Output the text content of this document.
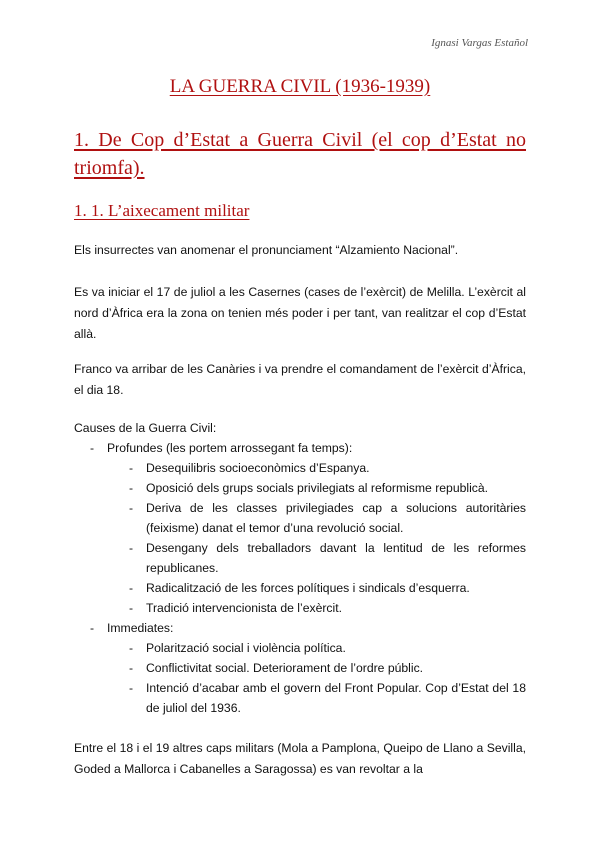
Ignasi Vargas Estañol
LA GUERRA CIVIL (1936-1939)
1. De Cop d’Estat a Guerra Civil (el cop d’Estat no triomfa).
1. 1. L’aixecament militar

Els insurrectes van anomenar el pronunciament “Alzamiento Nacional”.

Es va iniciar el 17 de juliol a les Casernes (cases de l’exèrcit) de Melilla. L’exèrcit al nord d’Àfrica era la zona on tenien més poder i per tant, van realitzar el cop d’Estat allà.

Franco va arribar de les Canàries i va prendre el comandament de l’exèrcit d’Àfrica, el dia 18.

Causes de la Guerra Civil:
- Profundes (les portem arrossegant fa temps):
- Desequilibris socioeconòmics d’Espanya.
- Oposició dels grups socials privilegiats al reformisme republicà.
- Deriva de les classes privilegiades cap a solucions autoritàries (feixisme) danat el temor d’una revolució social.
- Desengany dels treballadors davant la lentitud de les reformes republicanes.
- Radicalització de les forces polítiques i sindicals d’esquerra.
- Tradició intervencionista de l’exèrcit.
- Immediates:
- Polarització social i violència política.
- Conflictivitat social. Deteriorament de l’ordre públic.
- Intenció d’acabar amb el govern del Front Popular. Cop d’Estat del 18 de juliol del 1936.

Entre el 18 i el 19 altres caps militars (Mola a Pamplona, Queipo de Llano a Sevilla, Goded a Mallorca i Cabanelles a Saragossa) es van revoltar a la
